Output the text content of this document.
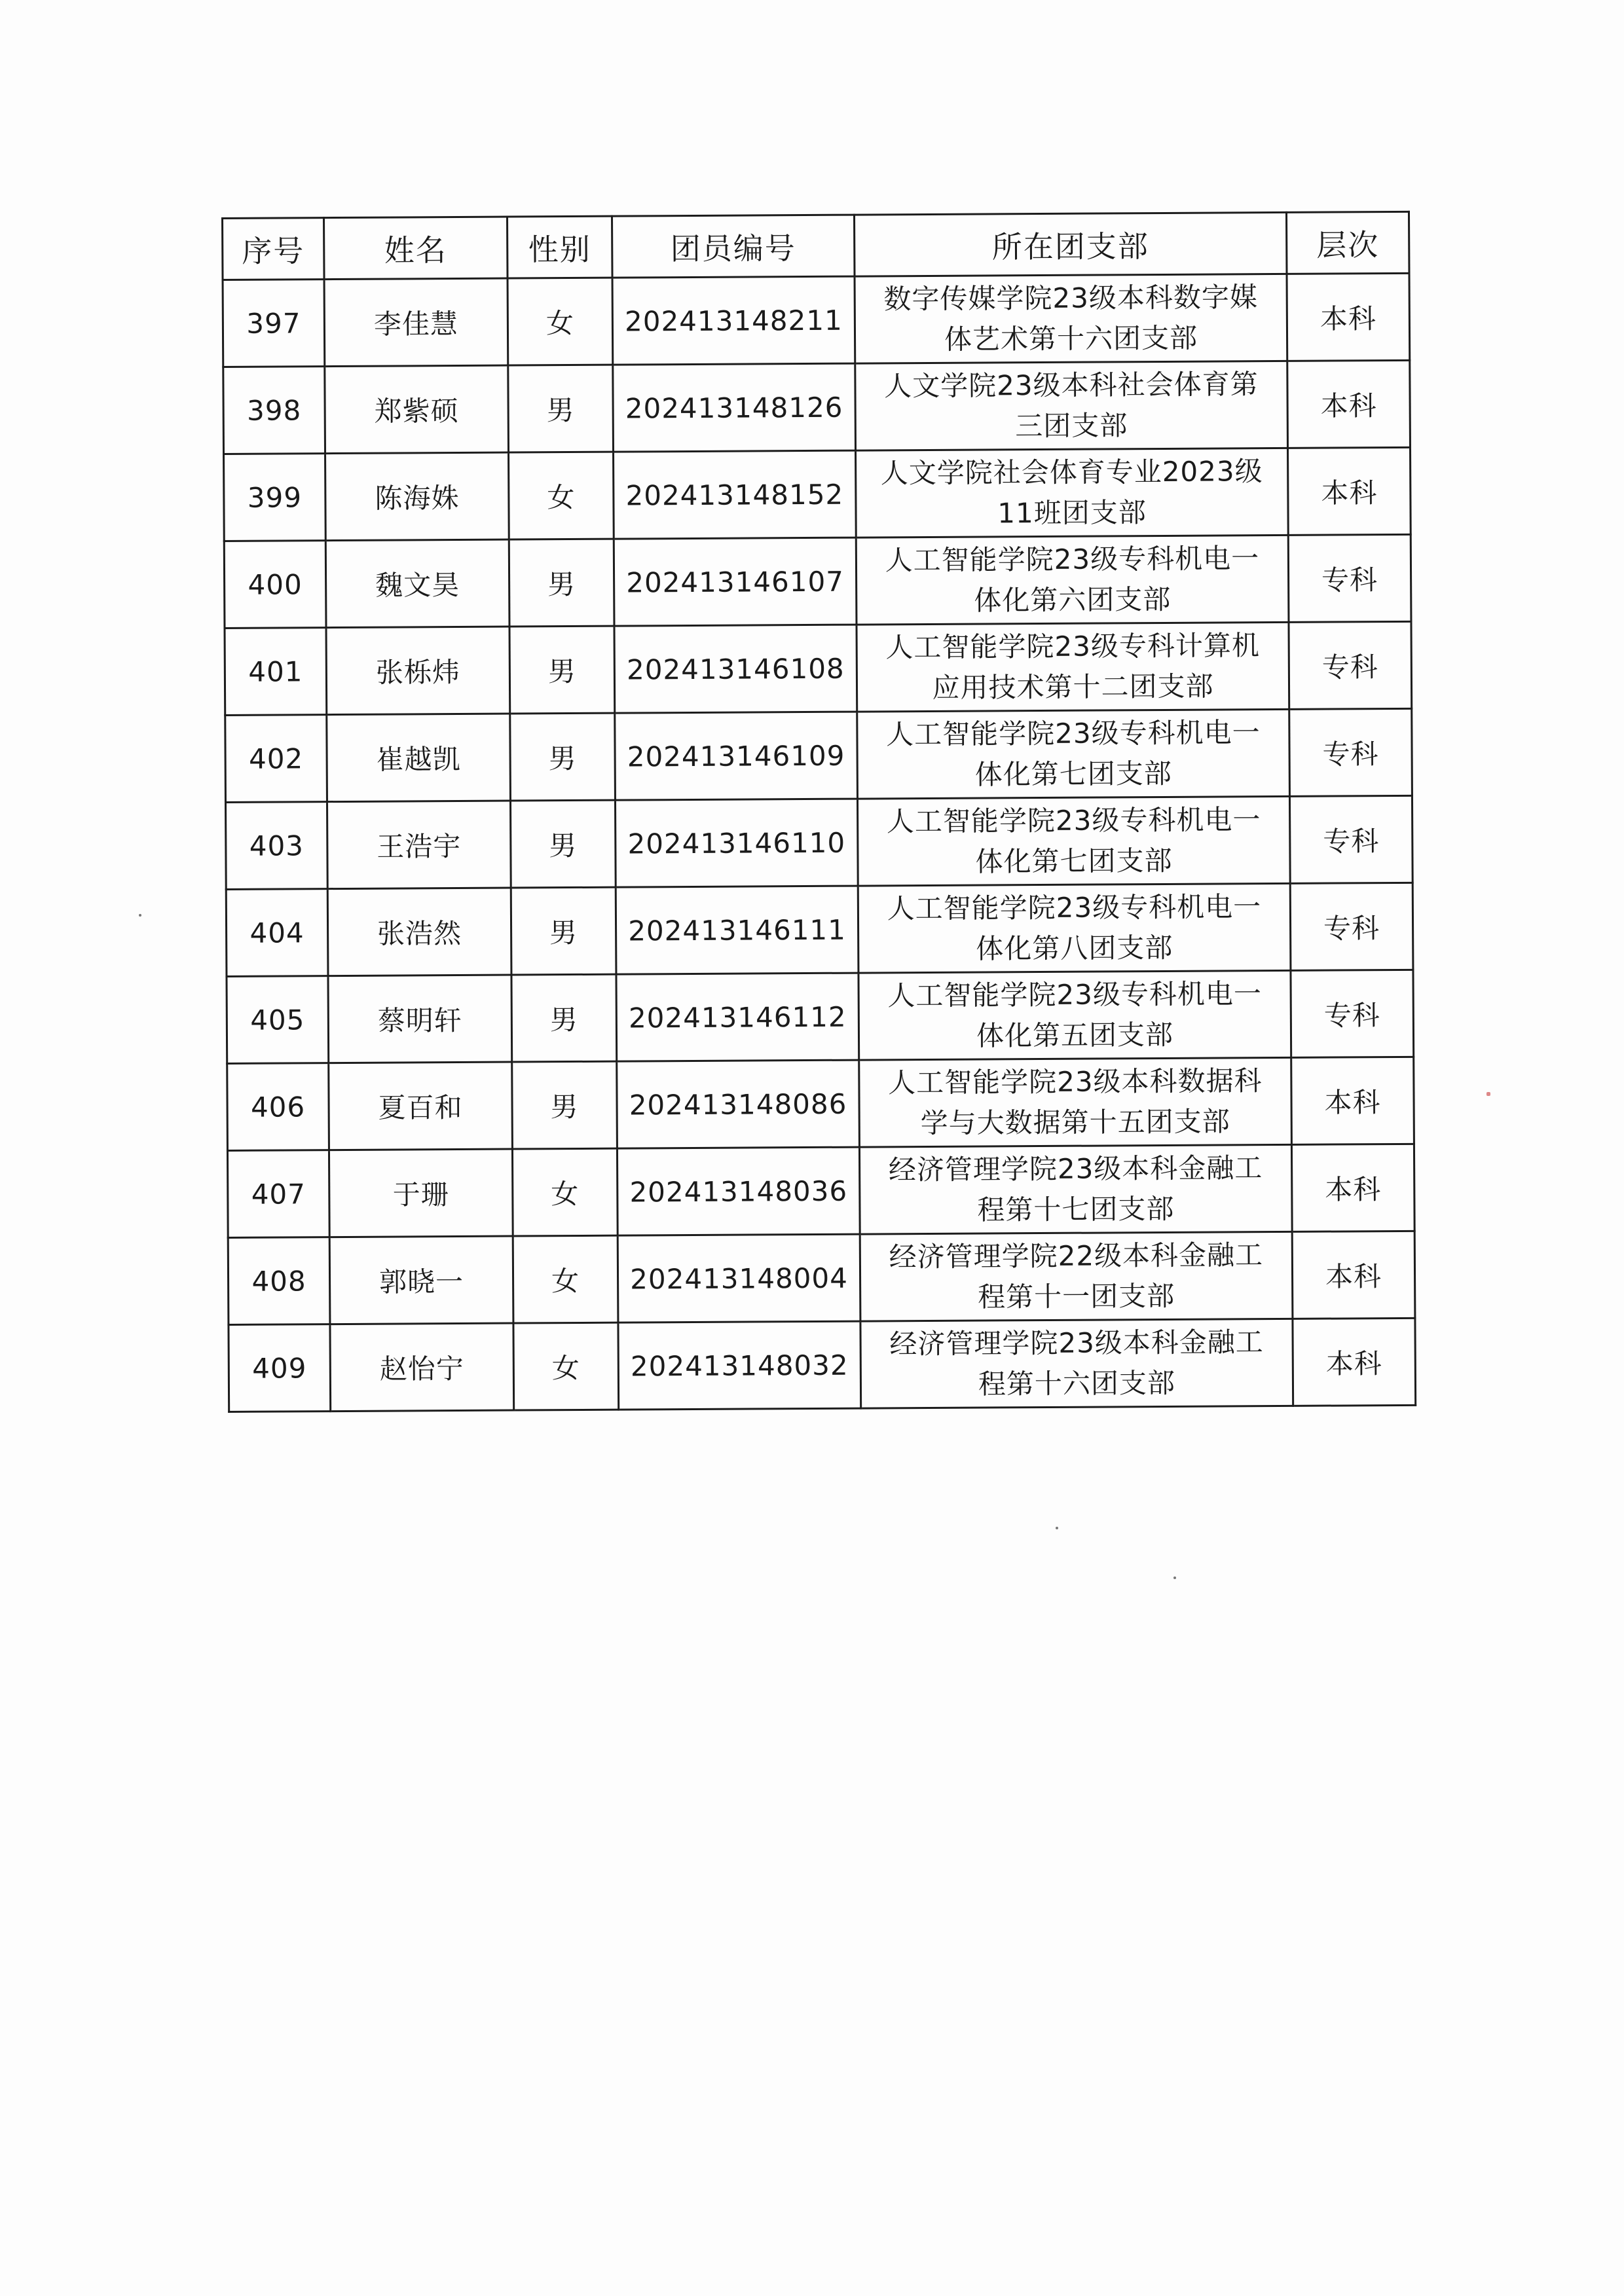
序号	姓名	性别	团员编号	所在团支部	层次
397	李佳慧	女	202413148211	数字传媒学院23级本科数字媒
体艺术第十六团支部	本科
398	郑紫硕	男	202413148126	人文学院23级本科社会体育第
三团支部	本科
399	陈海姝	女	202413148152	人文学院社会体育专业2023级
11班团支部	本科
400	魏文昊	男	202413146107	人工智能学院23级专科机电一
体化第六团支部	专科
401	张栎炜	男	202413146108	人工智能学院23级专科计算机
应用技术第十二团支部	专科
402	崔越凯	男	202413146109	人工智能学院23级专科机电一
体化第七团支部	专科
403	王浩宇	男	202413146110	人工智能学院23级专科机电一
体化第七团支部	专科
404	张浩然	男	202413146111	人工智能学院23级专科机电一
体化第八团支部	专科
405	蔡明轩	男	202413146112	人工智能学院23级专科机电一
体化第五团支部	专科
406	夏百和	男	202413148086	人工智能学院23级本科数据科
学与大数据第十五团支部	本科
407	于珊	女	202413148036	经济管理学院23级本科金融工
程第十七团支部	本科
408	郭晓一	女	202413148004	经济管理学院22级本科金融工
程第十一团支部	本科
409	赵怡宁	女	202413148032	经济管理学院23级本科金融工
程第十六团支部	本科
